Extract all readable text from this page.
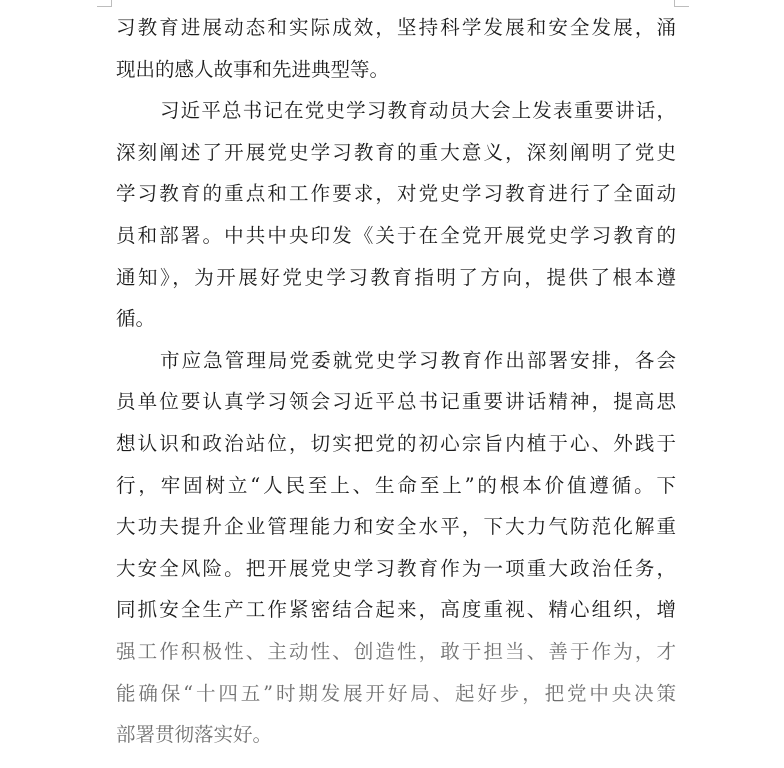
习教育进展动态和实际成效，坚持科学发展和安全发展，涌
现出的感人故事和先进典型等。
习近平总书记在党史学习教育动员大会上发表重要讲话，
深刻阐述了开展党史学习教育的重大意义，深刻阐明了党史
学习教育的重点和工作要求，对党史学习教育进行了全面动
员和部署。中共中央印发《关于在全党开展党史学习教育的
通知》，为开展好党史学习教育指明了方向，提供了根本遵
循。
市应急管理局党委就党史学习教育作出部署安排，各会
员单位要认真学习领会习近平总书记重要讲话精神，提高思
想认识和政治站位，切实把党的初心宗旨内植于心、外践于
行，牢固树立“人民至上、生命至上”的根本价值遵循。下
大功夫提升企业管理能力和安全水平，下大力气防范化解重
大安全风险。把开展党史学习教育作为一项重大政治任务，
同抓安全生产工作紧密结合起来，高度重视、精心组织，增
强工作积极性、主动性、创造性，敢于担当、善于作为，才
能确保“十四五”时期发展开好局、起好步，把党中央决策
部署贯彻落实好。
